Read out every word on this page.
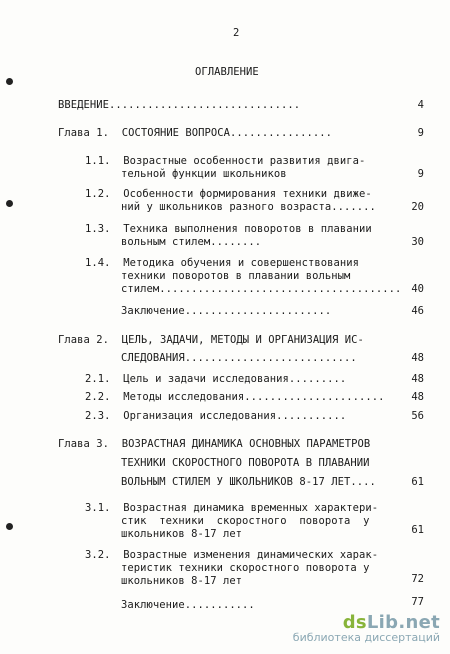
2
ОГЛАВЛЕНИЕ
ВВЕДЕНИЕ..............................	4
Глава 1.  СОСТОЯНИЕ ВОПРОСА................	9
1.1.  Возрастные особенности развития двигa-
тельной функции школьников	9
1.2.  Особенности формирования техники движе-
ний у школьников разного возраста.......	20
1.3.  Техника выполнения поворотов в плавании
вольным стилем........	30
1.4.  Методика обучения и совершенствования
техники поворотов в плавании вольным
стилем...................................... 40
Заключение.......................	46
Глава 2.  ЦЕЛЬ, ЗАДАЧИ, МЕТОДЫ И ОРГАНИЗАЦИЯ ИС-
СЛЕДОВАНИЯ...........................	48
2.1.  Цель и задачи исследования.........	48
2.2.  Методы исследования......................	48
2.3.  Организация исследования...........	56
Глава 3.  ВОЗРАСТНАЯ ДИНАМИКА ОСНОВНЫХ ПАРАМЕТРОВ
ТЕХНИКИ СКОРОСТНОГО ПОВОРОТА В ПЛАВАНИИ
ВОЛЬНЫМ СТИЛЕМ У ШКОЛЬНИКОВ 8-17 ЛЕТ....	61
3.1.  Возрастная динамика временных характери-
стик  техники  скоростного  поворота  у
школьников 8-17 лет	61
3.2.  Возрастные изменения динамических харак-
теристик техники скоростного поворота у
школьников 8-17 лет	72
Заключение...........	77
dsLib.net
библиотека диссертаций
